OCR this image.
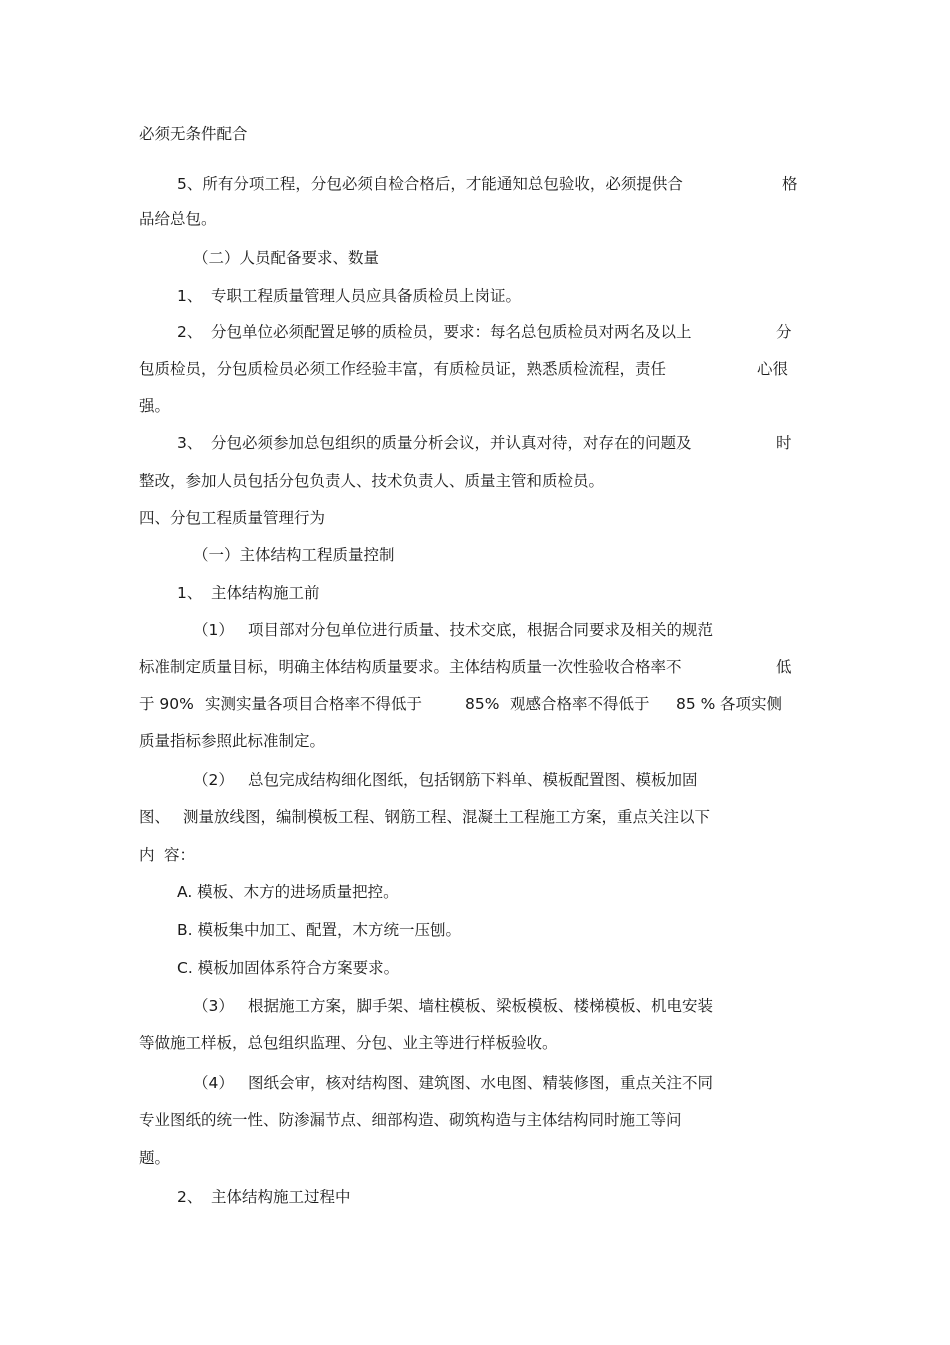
必须无条件配合
5、所有分项工程，分包必须自检合格后，才能通知总包验收，必须提供合	格
品给总包。
（二）人员配备要求、数量
1、 专职工程质量管理人员应具备质检员上岗证。
2、 分包单位必须配置足够的质检员，要求：每名总包质检员对两名及以上	分
包质检员，分包质检员必须工作经验丰富，有质检员证，熟悉质检流程，责任	心很
强。
3、 分包必须参加总包组织的质量分析会议，并认真对待，对存在的问题及	时
整改，参加人员包括分包负责人、技术负责人、质量主管和质检员。
四、分包工程质量管理行为
（一）主体结构工程质量控制
1、 主体结构施工前
（1） 项目部对分包单位进行质量、技术交底，根据合同要求及相关的规范
标准制定质量目标，明确主体结构质量要求。主体结构质量一次性验收合格率不	低
于 90% 实测实量各项目合格率不得低于	85% 观感合格率不得低于 85 % 各项实侧
质量指标参照此标准制定。
（2） 总包完成结构细化图纸，包括钢筋下料单、模板配置图、模板加固
图、 测量放线图，编制模板工程、钢筋工程、混凝土工程施工方案，重点关注以下
内 容：
A. 模板、木方的进场质量把控。
B. 模板集中加工、配置，木方统一压刨。
C. 模板加固体系符合方案要求。
（3） 根据施工方案，脚手架、墙柱模板、梁板模板、楼梯模板、机电安装
等做施工样板，总包组织监理、分包、业主等进行样板验收。
（4） 图纸会审，核对结构图、建筑图、水电图、精装修图，重点关注不同
专业图纸的统一性、防渗漏节点、细部构造、砌筑构造与主体结构同时施工等问
题。
2、 主体结构施工过程中
